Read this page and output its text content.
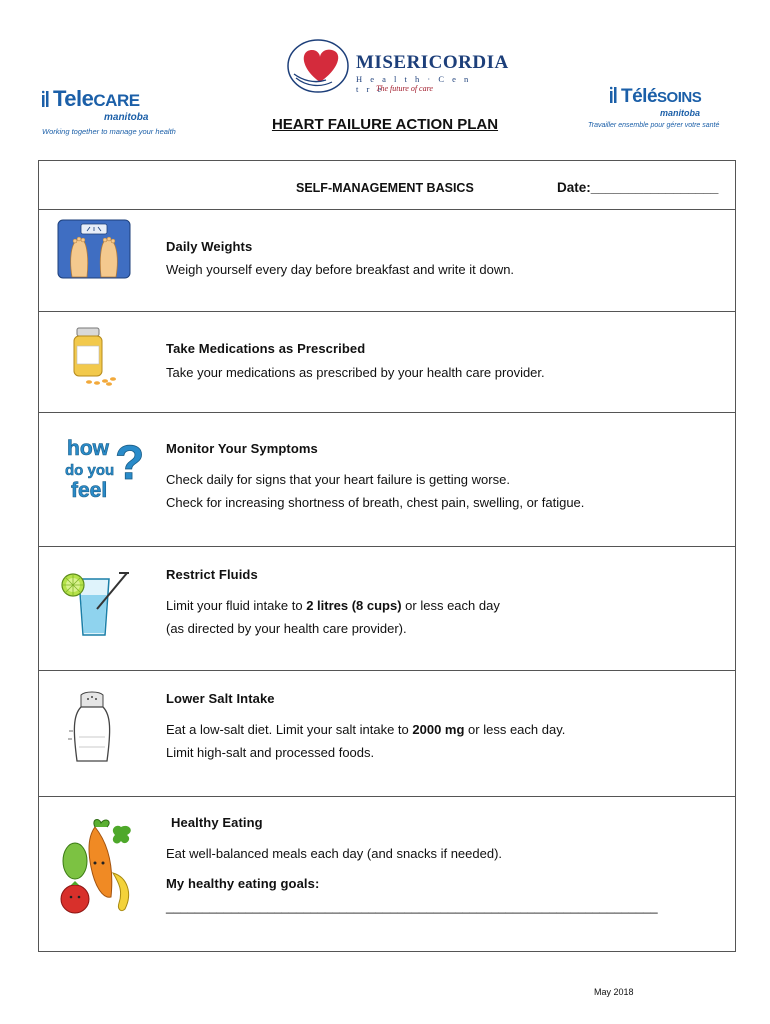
TeleCARE
manitoba
Working together to manage your health
MISERICORDIA
H e a l t h · C e n t r e
The future of care	TéléSOINS
manitoba
Travailler ensemble pour gérer votre santé
HEART FAILURE ACTION PLAN
SELF-MANAGEMENT BASICS	Date:_________________
Daily Weights
Weigh yourself every day before breakfast and write it down.
Take Medications as Prescribed
Take your medications as prescribed by your health care provider.
how
do you
feel
? Monitor Your Symptoms
Check daily for signs that your heart failure is getting worse.
Check for increasing shortness of breath, chest pain, swelling, or fatigue.
Restrict Fluids
Limit your fluid intake to 2 litres (8 cups) or less each day
(as directed by your health care provider).
Lower Salt Intake
Eat a low-salt diet. Limit your salt intake to 2000 mg or less each day.
Limit high-salt and processed foods.
Healthy Eating
Eat well-balanced meals each day (and snacks if needed).
My healthy eating goals:
____________________________________________________________________
May 2018
